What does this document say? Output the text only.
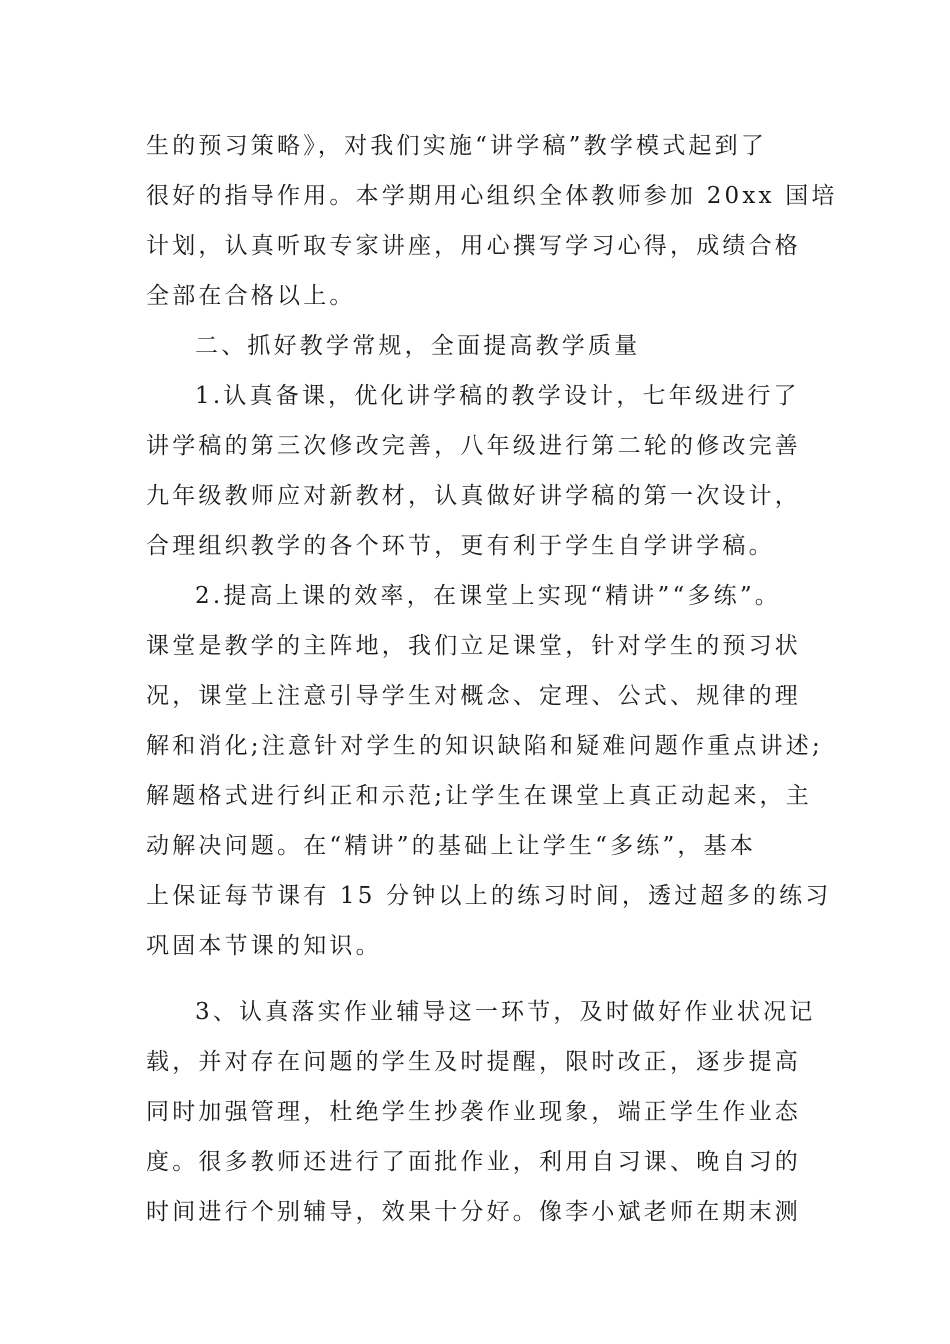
生的预习策略》，对我们实施“讲学稿”教学模式起到了
很好的指导作用。本学期用心组织全体教师参加 20xx 国培
计划，认真听取专家讲座，用心撰写学习心得，成绩合格
全部在合格以上。
二、抓好教学常规，全面提高教学质量
1.认真备课，优化讲学稿的教学设计，七年级进行了
讲学稿的第三次修改完善，八年级进行第二轮的修改完善
九年级教师应对新教材，认真做好讲学稿的第一次设计，
合理组织教学的各个环节，更有利于学生自学讲学稿。
2.提高上课的效率，在课堂上实现“精讲”“多练”。
课堂是教学的主阵地，我们立足课堂，针对学生的预习状
况，课堂上注意引导学生对概念、定理、公式、规律的理
解和消化;注意针对学生的知识缺陷和疑难问题作重点讲述;
解题格式进行纠正和示范;让学生在课堂上真正动起来，主
动解决问题。在“精讲”的基础上让学生“多练”，基本
上保证每节课有 15 分钟以上的练习时间，透过超多的练习
巩固本节课的知识。
3、认真落实作业辅导这一环节，及时做好作业状况记
载，并对存在问题的学生及时提醒，限时改正，逐步提高
同时加强管理，杜绝学生抄袭作业现象，端正学生作业态
度。很多教师还进行了面批作业，利用自习课、晚自习的
时间进行个别辅导，效果十分好。像李小斌老师在期末测
